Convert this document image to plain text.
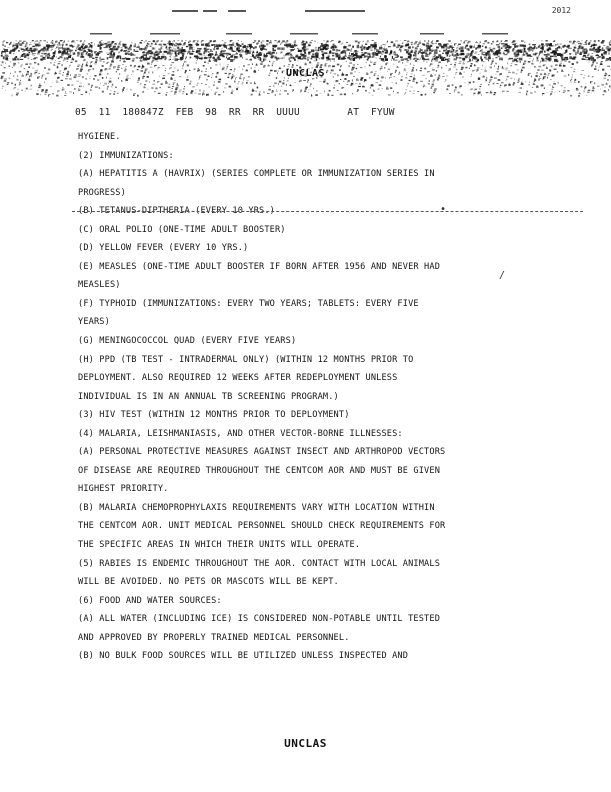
2012
UNCLAS
05  11  180847Z  FEB  98  RR  RR  UUUU        AT  FYUW
HYGIENE.
(2) IMMUNIZATIONS:
(A) HEPATITIS A (HAVRIX) (SERIES COMPLETE OR IMMUNIZATION SERIES IN
PROGRESS)
(B) TETANUS-DIPTHERIA (EVERY 10 YRS.)
(C) ORAL POLIO (ONE-TIME ADULT BOOSTER)
(D) YELLOW FEVER (EVERY 10 YRS.)
(E) MEASLES (ONE-TIME ADULT BOOSTER IF BORN AFTER 1956 AND NEVER HAD
MEASLES)
(F) TYPHOID (IMMUNIZATIONS: EVERY TWO YEARS; TABLETS: EVERY FIVE
YEARS)
(G) MENINGOCOCCOL QUAD (EVERY FIVE YEARS)
(H) PPD (TB TEST - INTRADERMAL ONLY) (WITHIN 12 MONTHS PRIOR TO
DEPLOYMENT. ALSO REQUIRED 12 WEEKS AFTER REDEPLOYMENT UNLESS
INDIVIDUAL IS IN AN ANNUAL TB SCREENING PROGRAM.)
(3) HIV TEST (WITHIN 12 MONTHS PRIOR TO DEPLOYMENT)
(4) MALARIA, LEISHMANIASIS, AND OTHER VECTOR-BORNE ILLNESSES:
(A) PERSONAL PROTECTIVE MEASURES AGAINST INSECT AND ARTHROPOD VECTORS
OF DISEASE ARE REQUIRED THROUGHOUT THE CENTCOM AOR AND MUST BE GIVEN
HIGHEST PRIORITY.
(B) MALARIA CHEMOPROPHYLAXIS REQUIREMENTS VARY WITH LOCATION WITHIN
THE CENTCOM AOR. UNIT MEDICAL PERSONNEL SHOULD CHECK REQUIREMENTS FOR
THE SPECIFIC AREAS IN WHICH THEIR UNITS WILL OPERATE.
(5) RABIES IS ENDEMIC THROUGHOUT THE AOR. CONTACT WITH LOCAL ANIMALS
WILL BE AVOIDED. NO PETS OR MASCOTS WILL BE KEPT.
(6) FOOD AND WATER SOURCES:
(A) ALL WATER (INCLUDING ICE) IS CONSIDERED NON-POTABLE UNTIL TESTED
AND APPROVED BY PROPERLY TRAINED MEDICAL PERSONNEL.
(B) NO BULK FOOD SOURCES WILL BE UTILIZED UNLESS INSPECTED AND
/
•
UNCLAS
